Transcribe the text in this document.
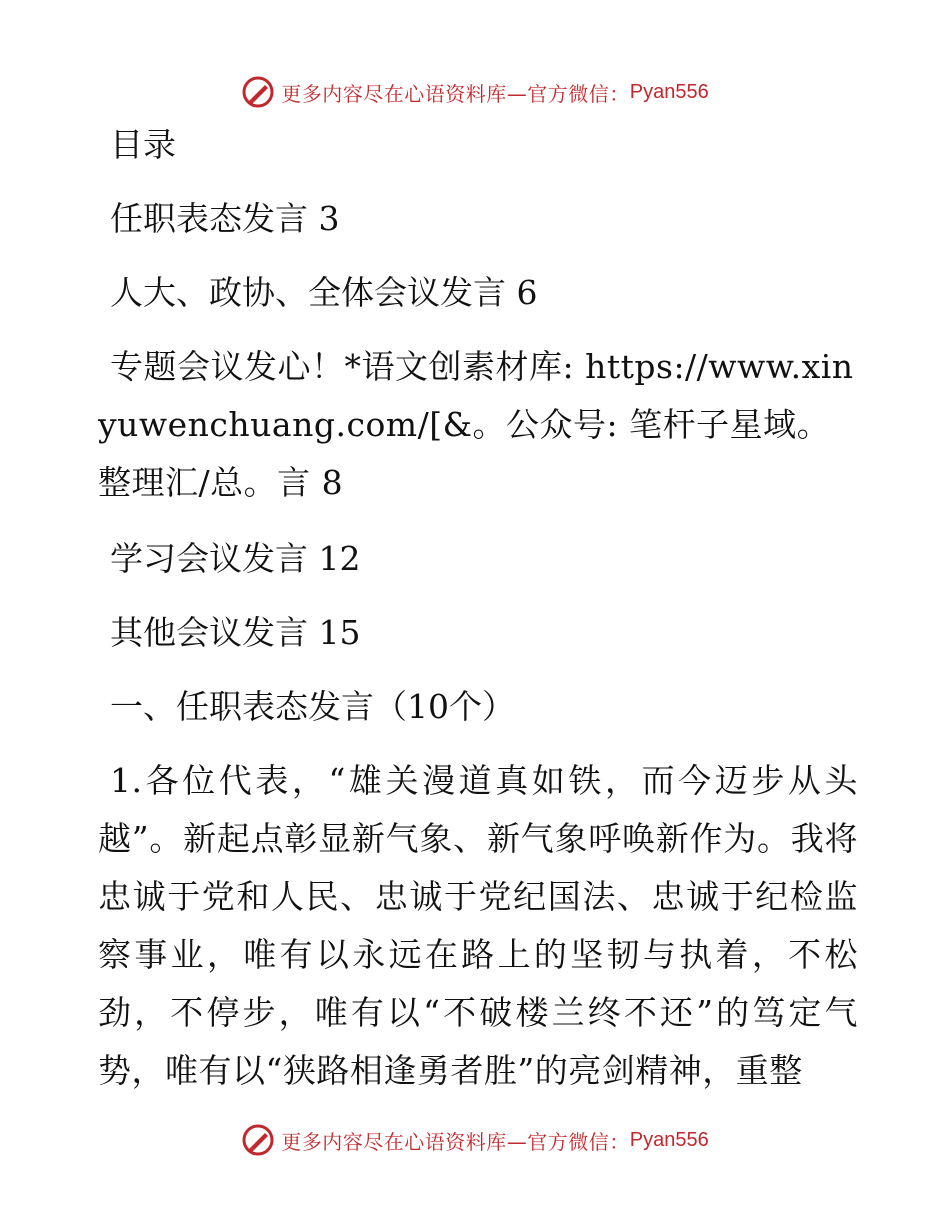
更多内容尽在心语资料库—官方微信： Pyan556
目录
任职表态发言 3
人大、政协、全体会议发言 6
专题会议发心！*语文创素材库: https://www.xinyuwenchuang.com/[&。公众号: 笔杆子星域。整理汇/总。言 8
学习会议发言 12
其他会议发言 15
一、任职表态发言（10个）
1.各位代表，“雄关漫道真如铁，而今迈步从头越”。新起点彰显新气象、新气象呼唤新作为。我将忠诚于党和人民、忠诚于党纪国法、忠诚于纪检监察事业，唯有以永远在路上的坚韧与执着，不松劲，不停步，唯有以“不破楼兰终不还”的笃定气势，唯有以“狭路相逢勇者胜”的亮剑精神，重整
更多内容尽在心语资料库—官方微信： Pyan556
